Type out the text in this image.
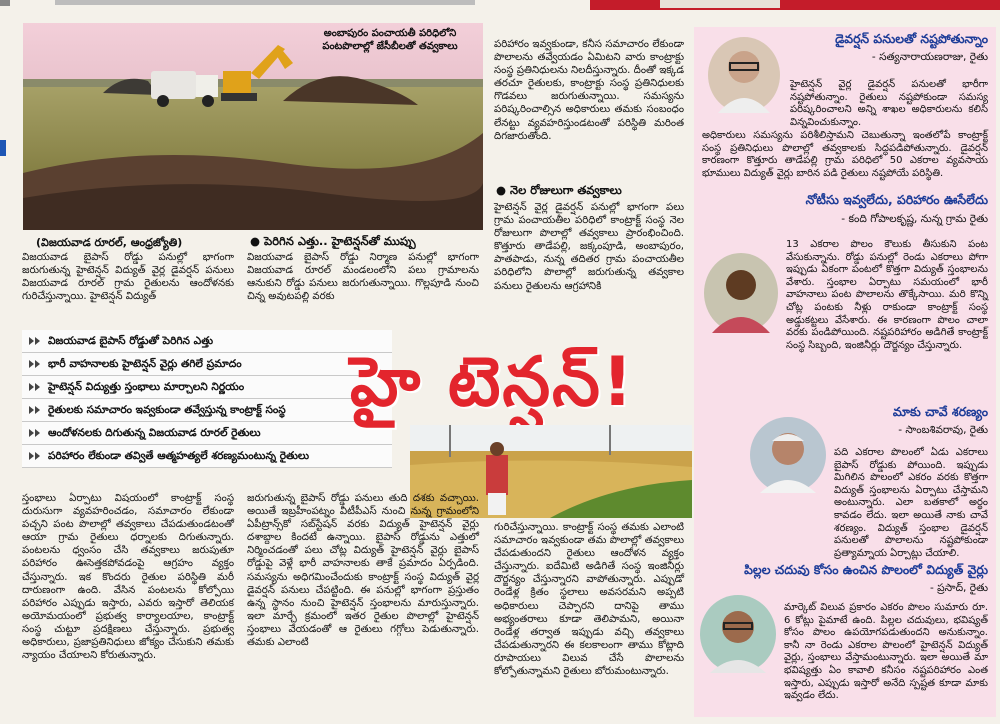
అంబాపురం పంచాయతీ పరిధిలోని పంటపొలాల్లో జేసీబీలతో తవ్వకాలు
(విజయవాడ రూరల్, ఆంధ్రజ్యోతి)
విజయవాడ బైపాస్ రోడ్డు పనుల్లో భాగంగా జరుగుతున్న హైటెన్షన్ విద్యుత్ వైర్ల డైవర్షన్ పనులు విజయవాడ రూరల్ గ్రామ రైతులను ఆందోళనకు గురిచేస్తున్నాయి. హైటెన్షన్ విద్యుత్
● పెరిగిన ఎత్తు.. హైటెన్షన్‌తో ముప్పు
విజయవాడ బైపాస్ రోడ్డు నిర్మాణ పనుల్లో భాగంగా విజయవాడ రూరల్ మండలంలోని పలు గ్రామాలను ఆనుకుని రోడ్డు పనులు జరుగుతున్నాయి. గొల్లపూడి నుంచి చిన్న అవుటపల్లి వరకు
పరిహారం ఇవ్వకుండా, కనీస సమాచారం లేకుండా పొలాలను తవ్వేయడం ఏమిటని వారు కాంట్రాక్టు సంస్థ ప్రతినిధులను నిలదీస్తున్నారు. దీంతో ఇక్కడ తరచూ రైతులకు, కాంట్రాక్టు సంస్థ ప్రతినిధులకు గొడవలు జరుగుతున్నాయి. సమస్యను పరిష్కరించాల్సిన అధికారులు తమకు సంబంధం లేనట్టు వ్యవహరిస్తుండటంతో పరిస్థితి మరింత దిగజారుతోంది.
● నెల రోజులుగా తవ్వకాలు
హైటెన్షన్ వైర్ల డైవర్షన్ పనుల్లో భాగంగా పలు గ్రామ పంచాయతీల పరిధిలో కాంట్రాక్ట్ సంస్థ నెల రోజులుగా పొలాల్లో తవ్వకాలు ప్రారంభించింది. కొత్తూరు తాడేపల్లి, జక్కంపూడి, అంబాపురం, పాతపాడు, నున్న తదితర గ్రామ పంచాయతీల పరిధిలోని పొలాల్లో జరుగుతున్న తవ్వకాల పనులు రైతులను ఆగ్రహానికి
విజయవాడ బైపాస్ రోడ్డుతో పెరిగిన ఎత్తు
భారీ వాహనాలకు హైటెన్షన్ వైర్లు తగిలే ప్రమాదం
హైటెన్షన్ విద్యుత్తు స్తంభాలు మార్చాలని నిర్ణయం
రైతులకు సమాచారం ఇవ్వకుండా తవ్వేస్తున్న కాంట్రాక్ట్ సంస్థ
ఆందోళనలకు దిగుతున్న విజయవాడ రూరల్ రైతులు
పరిహారం లేకుండా తవ్వితే ఆత్మహత్యలే శరణ్యమంటున్న రైతులు
హై టెన్షన్!
స్తంభాలు ఏర్పాటు విషయంలో కాంట్రాక్ట్ సంస్థ దురుసుగా వ్యవహరించడం, సమాచారం లేకుండా పచ్చని పంట పొలాల్లో తవ్వకాలు చేపడుతుండటంతో ఆయా గ్రామ రైతులు ధర్నాలకు దిగుతున్నారు. పంటలను ధ్వంసం చేసి తవ్వకాలు జరుపుతూ పరిహారం ఊసెత్తకపోవడంపై ఆగ్రహం వ్యక్తం చేస్తున్నారు. ఇక కొందరు రైతుల పరిస్థితి మరీ దారుణంగా ఉంది. వేసిన పంటలను కోల్పోయి పరిహారం ఎప్పుడు ఇస్తారు, ఎవరు ఇస్తారో తెలియక అయోమయంలో ప్రభుత్వ కార్యాలయాల, కాంట్రాక్ట్ సంస్థ చుట్టూ ప్రదక్షిణలు చేస్తున్నారు. ప్రభుత్వ అధికారులు, ప్రజాప్రతినిధులు జోక్యం చేసుకుని తమకు న్యాయం చేయాలని కోరుతున్నారు.
జరుగుతున్న బైపాస్ రోడ్డు పనులు తుది దశకు వచ్చాయి. అయితే ఇబ్రహీంపట్నం వీటీపీఎస్ నుంచి నున్న గ్రామంలోని ఏపీట్రాన్స్‌కో సబ్‌స్టేషన్ వరకు విద్యుత్ హైటెన్షన్ వైర్లు దశాబ్దాల కిందటే ఉన్నాయి. బైపాస్ రోడ్డును ఎత్తులో నిర్మించడంతో పలు చోట్ల విద్యుత్ హైటెన్షన్ వైర్లు బైపాస్ రోడ్డుపై వెళ్లే భారీ వాహనాలకు తాకే ప్రమాదం ఏర్పడింది. సమస్యను అధిగమించేందుకు కాంట్రాక్ట్ సంస్థ విద్యుత్ వైర్ల డైవర్షన్ పనులు చేపట్టింది. ఈ పనుల్లో భాగంగా ప్రస్తుతం ఉన్న స్థానం నుంచి హైటెన్షన్ స్తంభాలను మారుస్తున్నారు. ఇలా మార్చే క్రమంలో ఇతర రైతుల పొలాల్లో హైటెన్షన్ స్తంభాలు వేయడంతో ఆ రైతులు గగ్గోలు పెడుతున్నారు. తమకు ఎలాంటి
గురిచేస్తున్నాయి. కాంట్రాక్ట్ సంస్థ తమకు ఎలాంటి సమాచారం ఇవ్వకుండా తమ పొలాల్లో తవ్వకాలు చేపడుతుందని రైతులు ఆందోళన వ్యక్తం చేస్తున్నారు. ఐదేమిటి అడిగితే సంస్థ ఇంజినీర్లు దౌర్జన్యం చేస్తున్నారని వాపోతున్నారు. ఎప్పుడో రెండేళ్ల క్రితం స్థలాలు అవసరమని అప్పటి అధికారులు చెప్పారని దానిపై తాము అభ్యంతరాలు కూడా తెలిపామని, అయినా రెండేళ్ల తర్వాత ఇప్పుడు వచ్చి తవ్వకాలు చేపడుతున్నారని ఈ కలకాలంగా తాము కోట్లాది రూపాయలు విలువ చేసే పొలాలను కోల్పోతున్నామని రైతులు బోరుమంటున్నారు.
డైవర్షన్ పనులతో నష్టపోతున్నాం
- సత్యనారాయణరాజు, రైతు
హైటెన్షన్ వైర్ల డైవర్షన్ పనులతో భారీగా నష్టపోతున్నాం. రైతులు నష్టపోకుండా సమస్య పరిష్కరించాలని అన్ని శాఖల అధికారులను కలిసి విన్నవించుకున్నాం.
అధికారులు సమస్యను పరిశీలిస్తామని చెబుతున్నా ఇంతలోపే కాంట్రాక్ట్ సంస్థ ప్రతినిధులు పొలాల్లో తవ్వకాలకు సిద్ధపడిపోతున్నారు. డైవర్షన్ కారణంగా కొత్తూరు తాడేపల్లి గ్రామ పరిధిలో 50 ఎకరాల వ్యవసాయ భూములు విద్యుత్ వైర్లు బారిన పడి రైతులు నష్టపోయే పరిస్థితి.
నోటీసు ఇవ్వలేదు, పరిహారం ఊసేలేదు
- కంది గోపాలకృష్ణ, నున్న గ్రామ రైతు
13 ఎకరాల పొలం కౌలుకు తీసుకుని పంట వేసుకున్నాను. రోడ్డు పనుల్లో రెండు ఎకరాలు పోగా ఇప్పుడు ఏకంగా పంటలో కొత్తగా విద్యుత్ స్తంభాలను వేశారు. స్తంభాల ఏర్పాటు సమయంలో భారీ వాహనాలు పంట పొలాలను తొక్కేసాయి. మరి కొన్ని చోట్ల పంటకు నీళ్లు రాకుండా కాంట్రాక్ట్ సంస్థ అడ్డుకట్టలు వేసేశారు. ఈ కారణంగా పొలం చాలా వరకు పండిపోయింది. నష్టపరిహారం అడిగితే కాంట్రాక్ట్ సంస్థ సిబ్బంది, ఇంజినీర్లు దౌర్జన్యం చేస్తున్నారు.
మాకు చావే శరణ్యం
- సాంబశివరావు, రైతు
పది ఎకరాల పొలంలో ఏడు ఎకరాలు బైపాస్ రోడ్డుకు పోయింది. ఇప్పుడు మిగిలిన పొలంలో ఎకరం వరకు కొత్తగా విద్యుత్ స్తంభాలను ఏర్పాటు చేస్తామని అంటున్నారు. ఎలా బతకాలో అర్థం కావడం లేదు. ఇలా అయితే నాకు చావే శరణ్యం. విద్యుత్ స్తంభాల డైవర్షన్ పనులతో పొలాలను నష్టపోకుండా ప్రత్యామ్నాయ ఏర్పాట్లు చేయాలి.
పిల్లల చదువు కోసం ఉంచిన పొలంలో విద్యుత్ వైర్లు
- ప్రసాద్, రైతు
మార్కెట్ విలువ ప్రకారం ఎకరం పొలం సుమారు రూ. 6 కోట్లు పైమాటే ఉంది. పిల్లల చదువులు, భవిష్యత్ కోసం పొలం ఉపయోగపడుతుందని అనుకున్నాం. కానీ నా రెండు ఎకరాల పొలంలో హైటెన్షన్ విద్యుత్ వైర్లు, స్తంభాలు వేస్తామంటున్నారు. ఇలా అయితే మా భవిష్యత్తు ఏం కావాలి కనీసం నష్టపరిహారం ఎంత ఇస్తారు, ఎప్పుడు ఇస్తారో అనేది స్పష్టత కూడా మాకు ఇవ్వడం లేదు.
